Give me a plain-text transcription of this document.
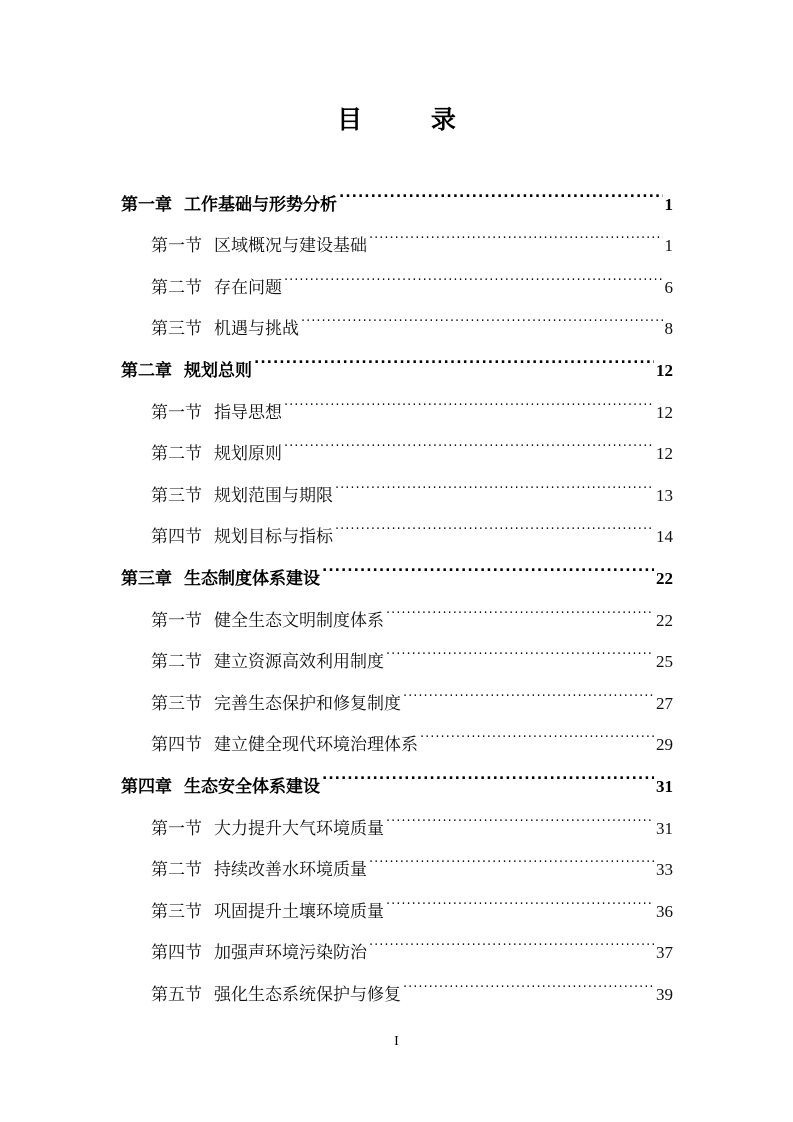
目 录
第一章 工作基础与形势分析 .....	1
第一节 区域概况与建设基础 .....	1
第二节 存在问题 .....	6
第三节 机遇与挑战 .....	8
第二章 规划总则 .....	12
第一节 指导思想 .....	12
第二节 规划原则 .....	12
第三节 规划范围与期限 .....	13
第四节 规划目标与指标 .....	14
第三章 生态制度体系建设 .....	22
第一节 健全生态文明制度体系 .....	22
第二节 建立资源高效利用制度 .....	25
第三节 完善生态保护和修复制度 .....	27
第四节 建立健全现代环境治理体系 .....	29
第四章 生态安全体系建设 .....	31
第一节 大力提升大气环境质量 .....	31
第二节 持续改善水环境质量 .....	33
第三节 巩固提升土壤环境质量 .....	36
第四节 加强声环境污染防治 .....	37
第五节 强化生态系统保护与修复 .....	39
I
